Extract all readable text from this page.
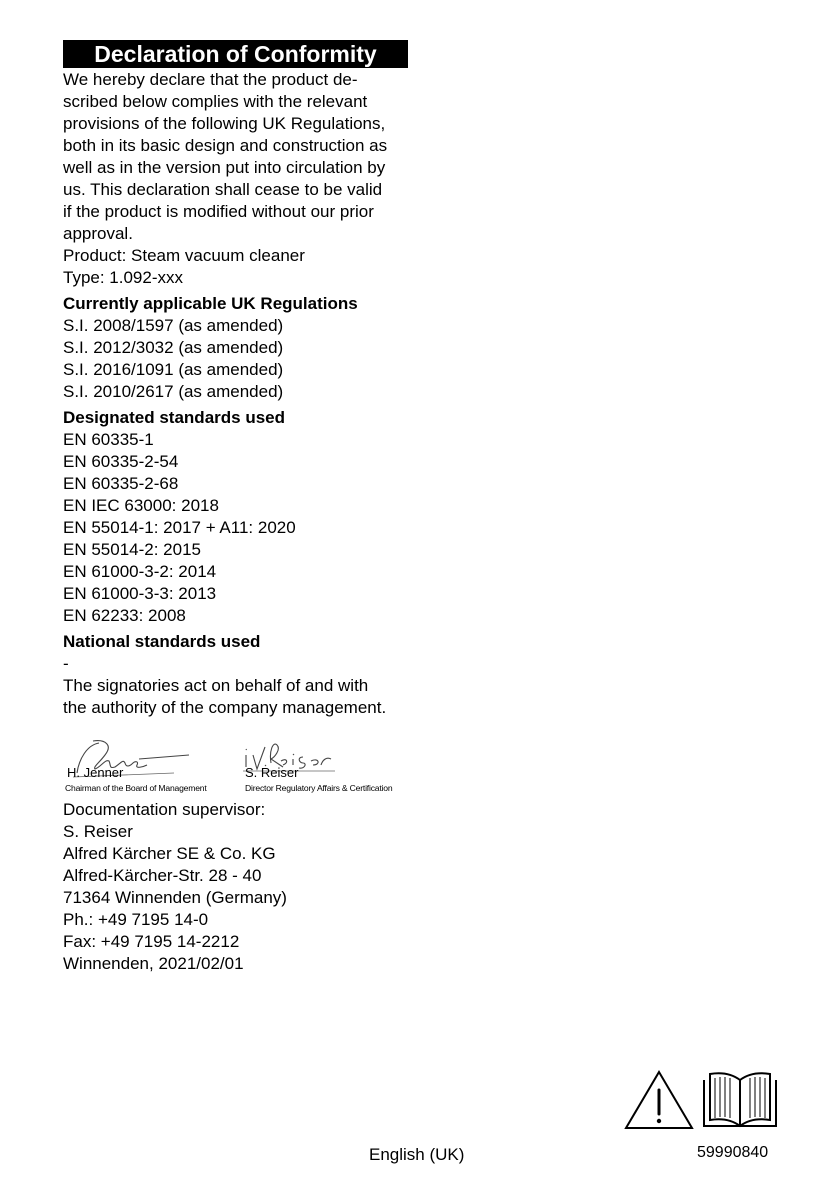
Declaration of Conformity
We hereby declare that the product de-
scribed below complies with the relevant
provisions of the following UK Regulations,
both in its basic design and construction as
well as in the version put into circulation by
us. This declaration shall cease to be valid
if the product is modified without our prior
approval.
Product: Steam vacuum cleaner
Type: 1.092-xxx
Currently applicable UK Regulations
S.I. 2008/1597 (as amended)
S.I. 2012/3032 (as amended)
S.I. 2016/1091 (as amended)
S.I. 2010/2617 (as amended)
Designated standards used
EN 60335-1
EN 60335-2-54
EN 60335-2-68
EN IEC 63000: 2018
EN 55014-1: 2017 + A11: 2020
EN 55014-2: 2015
EN 61000-3-2: 2014
EN 61000-3-3: 2013
EN 62233: 2008
National standards used
-
The signatories act on behalf of and with
the authority of the company management.
H. Jenner
Chairman of the Board of Management
S. Reiser
Director Regulatory Affairs & Certification
Documentation supervisor:
S. Reiser
Alfred Kärcher SE & Co. KG
Alfred-Kärcher-Str. 28 - 40
71364 Winnenden (Germany)
Ph.: +49 7195 14-0
Fax: +49 7195 14-2212
Winnenden, 2021/02/01
English (UK)	59990840
